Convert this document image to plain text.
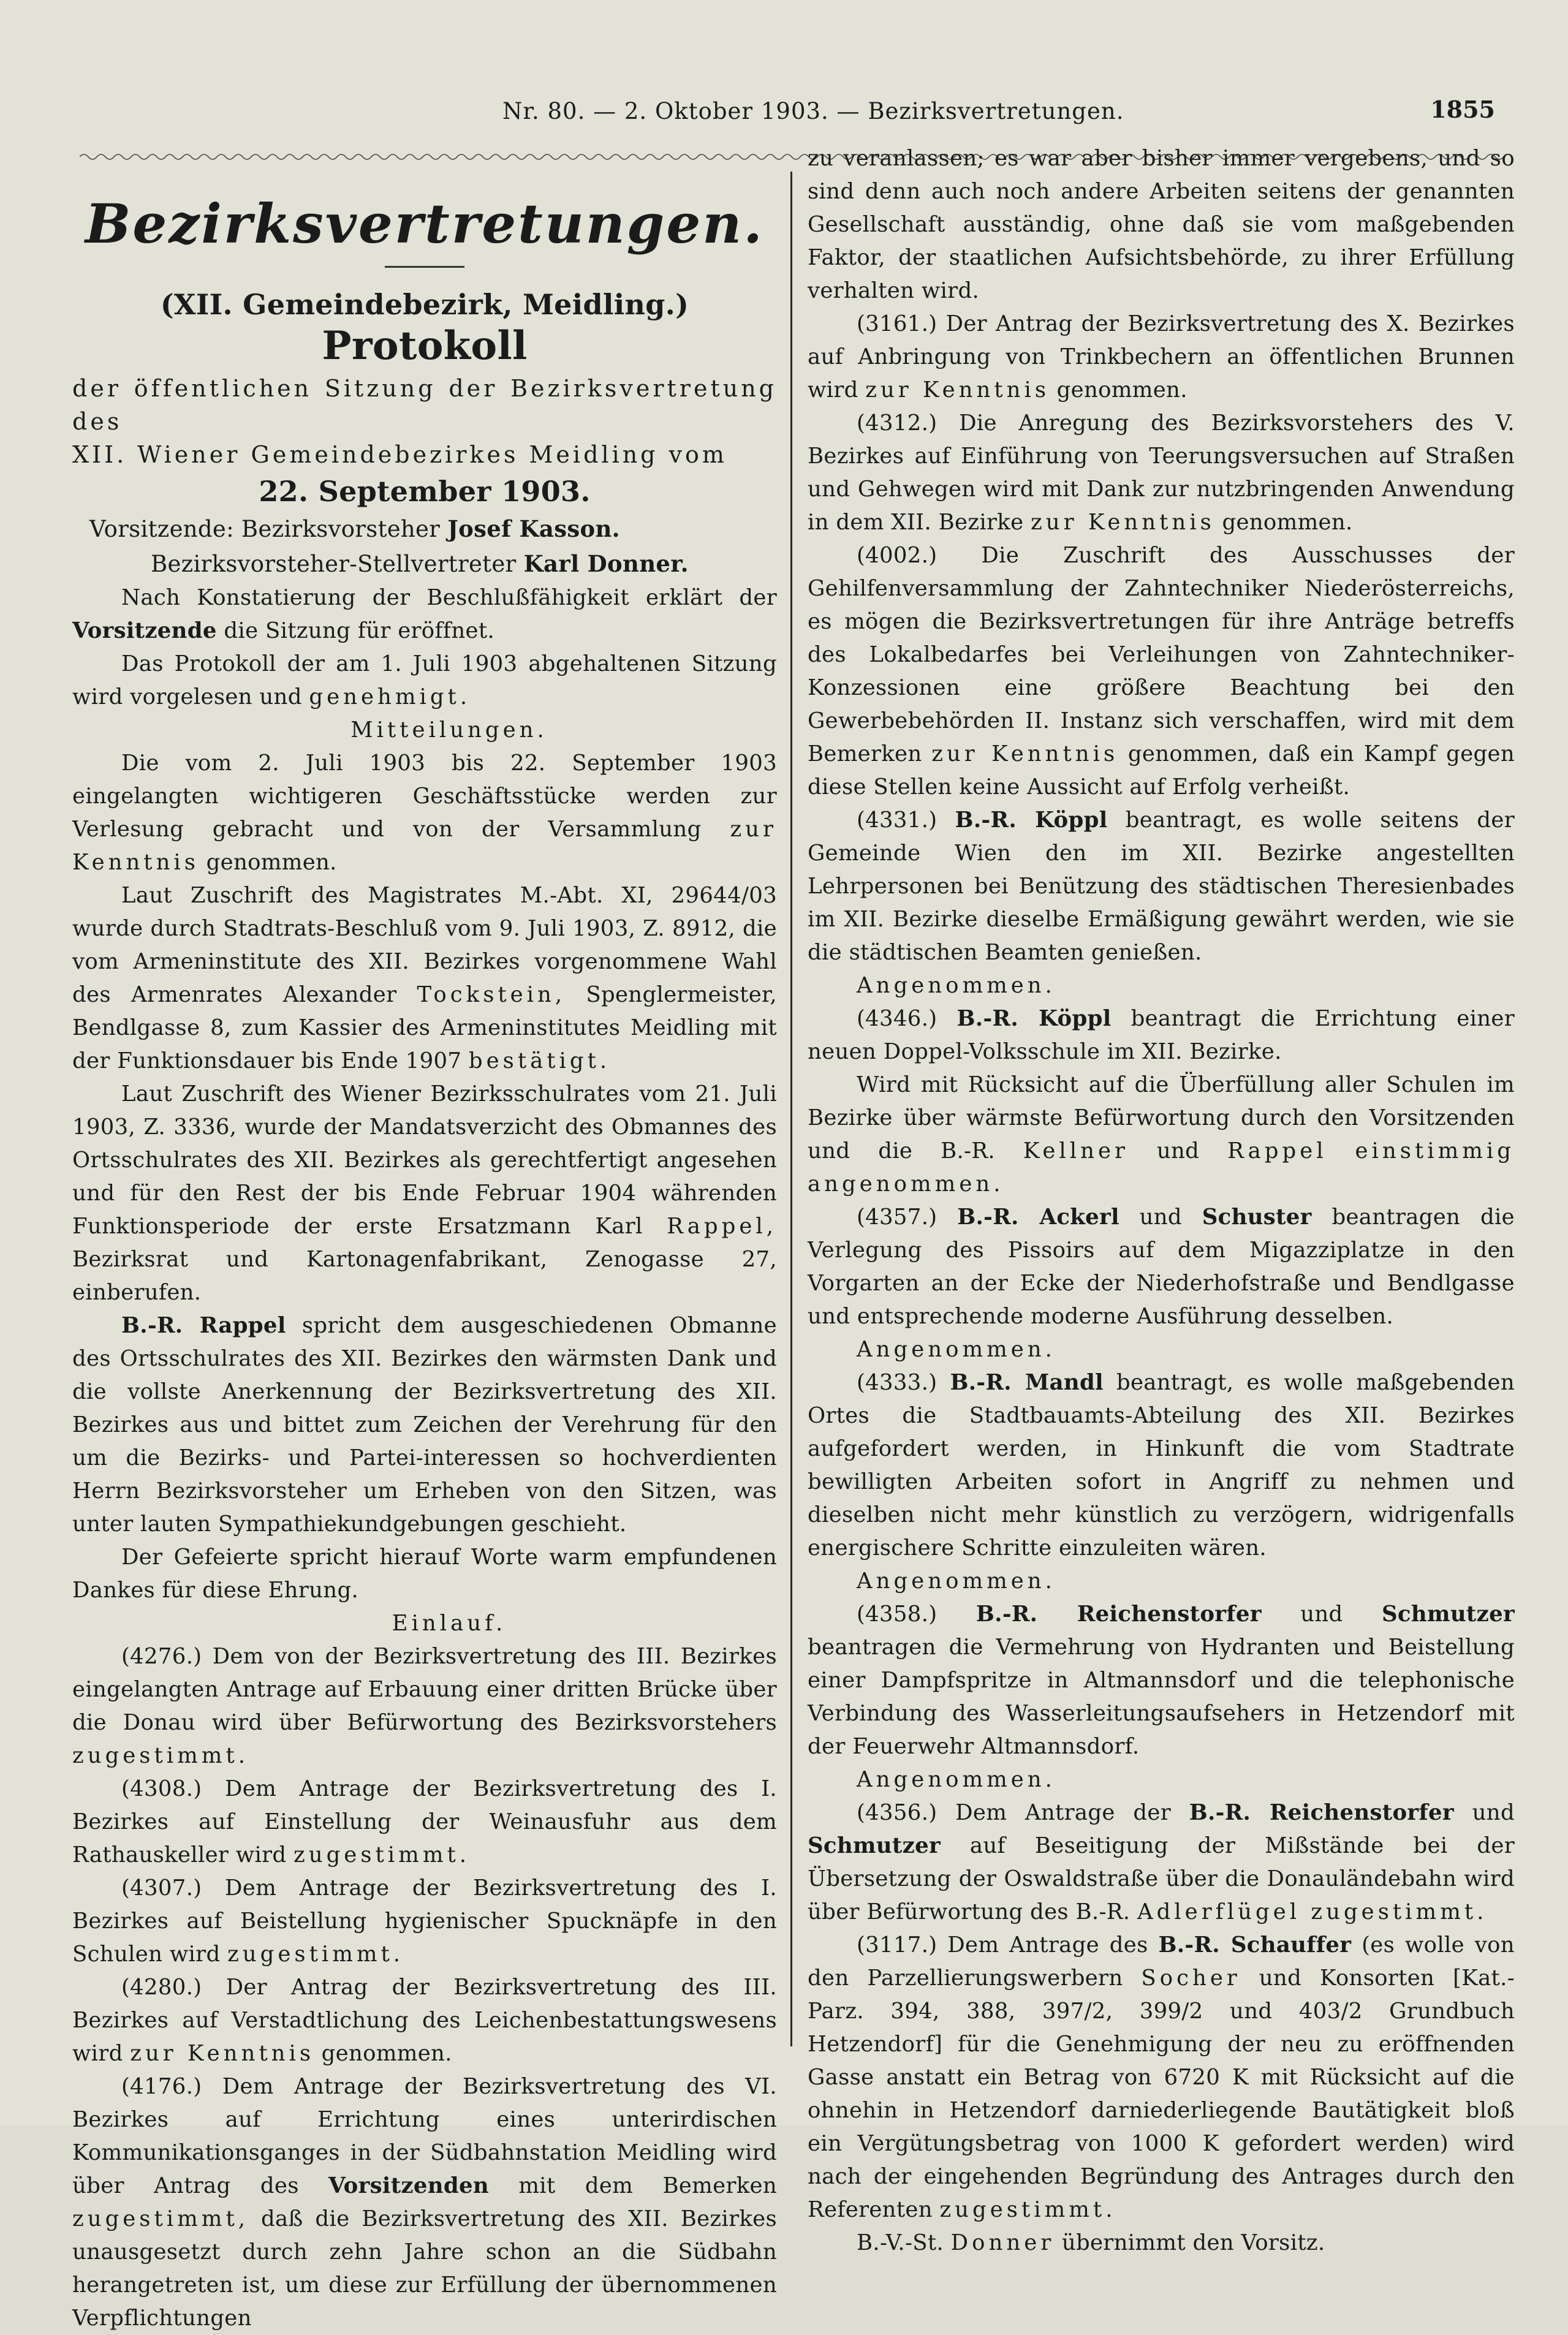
Nr. 80. — 2. Oktober 1903. — Bezirksvertretungen.	1855
Bezirksvertretungen.
(XII. Gemeindebezirk, Meidling.)
Protokoll
der öffentlichen Sitzung der Bezirksvertretung des
XII. Wiener Gemeindebezirkes Meidling vom
22. September 1903.
Vorsitzende: Bezirksvorsteher Josef Kasson.
Bezirksvorsteher-Stellvertreter Karl Donner.

Nach Konstatierung der Beschlußfähigkeit erklärt der Vorsitzende die Sitzung für eröffnet.

Das Protokoll der am 1. Juli 1903 abgehaltenen Sitzung wird vorgelesen und genehmigt.

Mitteilungen.

Die vom 2. Juli 1903 bis 22. September 1903 eingelangten wichtigeren Geschäftsstücke werden zur Verlesung gebracht und von der Versammlung zur Kenntnis genommen.

Laut Zuschrift des Magistrates M.-Abt. XI, 29644/03 wurde durch Stadtrats-Beschluß vom 9. Juli 1903, Z. 8912, die vom Armeninstitute des XII. Bezirkes vorgenommene Wahl des Armenrates Alexander Tockstein, Spenglermeister, Bendlgasse 8, zum Kassier des Armeninstitutes Meidling mit der Funktionsdauer bis Ende 1907 bestätigt.

Laut Zuschrift des Wiener Bezirksschulrates vom 21. Juli 1903, Z. 3336, wurde der Mandatsverzicht des Obmannes des Ortsschulrates des XII. Bezirkes als gerechtfertigt angesehen und für den Rest der bis Ende Februar 1904 währenden Funktionsperiode der erste Ersatzmann Karl Rappel, Bezirksrat und Kartonagenfabrikant, Zenogasse 27, einberufen.

B.-R. Rappel spricht dem ausgeschiedenen Obmanne des Ortsschulrates des XII. Bezirkes den wärmsten Dank und die vollste Anerkennung der Bezirksvertretung des XII. Bezirkes aus und bittet zum Zeichen der Verehrung für den um die Bezirks- und Partei-interessen so hochverdienten Herrn Bezirksvorsteher um Erheben von den Sitzen, was unter lauten Sympathiekundgebungen geschieht.

Der Gefeierte spricht hierauf Worte warm empfundenen Dankes für diese Ehrung.

Einlauf.

(4276.) Dem von der Bezirksvertretung des III. Bezirkes eingelangten Antrage auf Erbauung einer dritten Brücke über die Donau wird über Befürwortung des Bezirksvorstehers zugestimmt.

(4308.) Dem Antrage der Bezirksvertretung des I. Bezirkes auf Einstellung der Weinausfuhr aus dem Rathauskeller wird zugestimmt.

(4307.) Dem Antrage der Bezirksvertretung des I. Bezirkes auf Beistellung hygienischer Spucknäpfe in den Schulen wird zugestimmt.

(4280.) Der Antrag der Bezirksvertretung des III. Bezirkes auf Verstadtlichung des Leichenbestattungswesens wird zur Kenntnis genommen.

(4176.) Dem Antrage der Bezirksvertretung des VI. Bezirkes auf Errichtung eines unterirdischen Kommunikationsganges in der Südbahnstation Meidling wird über Antrag des Vorsitzenden mit dem Bemerken zugestimmt, daß die Bezirksvertretung des XII. Bezirkes unausgesetzt durch zehn Jahre schon an die Südbahn herangetreten ist, um diese zur Erfüllung der übernommenen Verpflichtungen

zu veranlassen; es war aber bisher immer vergebens, und so sind denn auch noch andere Arbeiten seitens der genannten Gesellschaft ausständig, ohne daß sie vom maßgebenden Faktor, der staatlichen Aufsichtsbehörde, zu ihrer Erfüllung verhalten wird.

(3161.) Der Antrag der Bezirksvertretung des X. Bezirkes auf Anbringung von Trinkbechern an öffentlichen Brunnen wird zur Kenntnis genommen.

(4312.) Die Anregung des Bezirksvorstehers des V. Bezirkes auf Einführung von Teerungsversuchen auf Straßen und Gehwegen wird mit Dank zur nutzbringenden Anwendung in dem XII. Bezirke zur Kenntnis genommen.

(4002.) Die Zuschrift des Ausschusses der Gehilfenversammlung der Zahntechniker Niederösterreichs, es mögen die Bezirksvertretungen für ihre Anträge betreffs des Lokalbedarfes bei Verleihungen von Zahntechniker-Konzessionen eine größere Beachtung bei den Gewerbebehörden II. Instanz sich verschaffen, wird mit dem Bemerken zur Kenntnis genommen, daß ein Kampf gegen diese Stellen keine Aussicht auf Erfolg verheißt.

(4331.) B.-R. Köppl beantragt, es wolle seitens der Gemeinde Wien den im XII. Bezirke angestellten Lehrpersonen bei Benützung des städtischen Theresienbades im XII. Bezirke dieselbe Ermäßigung gewährt werden, wie sie die städtischen Beamten genießen.

Angenommen.

(4346.) B.-R. Köppl beantragt die Errichtung einer neuen Doppel-Volksschule im XII. Bezirke.

Wird mit Rücksicht auf die Überfüllung aller Schulen im Bezirke über wärmste Befürwortung durch den Vorsitzenden und die B.-R. Kellner und Rappel einstimmig angenommen.

(4357.) B.-R. Ackerl und Schuster beantragen die Verlegung des Pissoirs auf dem Migazziplatze in den Vorgarten an der Ecke der Niederhofstraße und Bendlgasse und entsprechende moderne Ausführung desselben.

Angenommen.

(4333.) B.-R. Mandl beantragt, es wolle maßgebenden Ortes die Stadtbauamts-Abteilung des XII. Bezirkes aufgefordert werden, in Hinkunft die vom Stadtrate bewilligten Arbeiten sofort in Angriff zu nehmen und dieselben nicht mehr künstlich zu verzögern, widrigenfalls energischere Schritte einzuleiten wären.

Angenommen.

(4358.) B.-R. Reichenstorfer und Schmutzer beantragen die Vermehrung von Hydranten und Beistellung einer Dampfspritze in Altmannsdorf und die telephonische Verbindung des Wasserleitungsaufsehers in Hetzendorf mit der Feuerwehr Altmannsdorf.

Angenommen.

(4356.) Dem Antrage der B.-R. Reichenstorfer und Schmutzer auf Beseitigung der Mißstände bei der Übersetzung der Oswaldstraße über die Donauländebahn wird über Befürwortung des B.-R. Adlerflügel zugestimmt.

(3117.) Dem Antrage des B.-R. Schauffer (es wolle von den Parzellierungswerbern Socher und Konsorten [Kat.-Parz. 394, 388, 397/2, 399/2 und 403/2 Grundbuch Hetzendorf] für die Genehmigung der neu zu eröffnenden Gasse anstatt ein Betrag von 6720 K mit Rücksicht auf die ohnehin in Hetzendorf darniederliegende Bautätigkeit bloß ein Vergütungsbetrag von 1000 K gefordert werden) wird nach der eingehenden Begründung des Antrages durch den Referenten zugestimmt.

B.-V.-St. Donner übernimmt den Vorsitz.
